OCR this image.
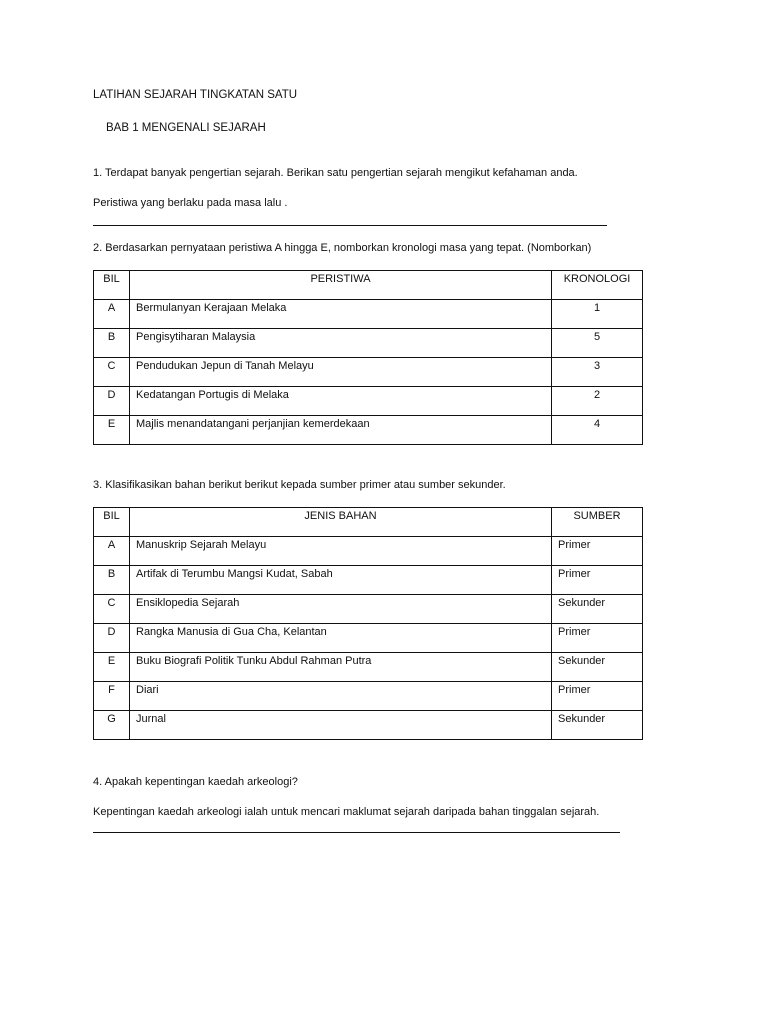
LATIHAN SEJARAH TINGKATAN SATU
BAB 1 MENGENALI SEJARAH
1. Terdapat banyak pengertian sejarah. Berikan satu pengertian sejarah mengikut kefahaman anda.
Peristiwa yang berlaku pada masa lalu .
2. Berdasarkan pernyataan peristiwa A hingga E, nomborkan kronologi masa yang tepat. (Nomborkan)
BIL	PERISTIWA	KRONOLOGI
A	Bermulanyan Kerajaan Melaka	1
B	Pengisytiharan Malaysia	5
C	Pendudukan Jepun di Tanah Melayu	3
D	Kedatangan Portugis di Melaka	2
E	Majlis menandatangani perjanjian kemerdekaan	4
3. Klasifikasikan bahan berikut berikut kepada sumber primer atau sumber sekunder.
BIL	JENIS BAHAN	SUMBER
A	Manuskrip Sejarah Melayu	Primer
B	Artifak di Terumbu Mangsi Kudat, Sabah	Primer
C	Ensiklopedia Sejarah	Sekunder
D	Rangka Manusia di Gua Cha, Kelantan	Primer
E	Buku Biografi Politik Tunku Abdul Rahman Putra	Sekunder
F	Diari	Primer
G	Jurnal	Sekunder
4. Apakah kepentingan kaedah arkeologi?
Kepentingan kaedah arkeologi ialah untuk mencari maklumat sejarah daripada bahan tinggalan sejarah.
